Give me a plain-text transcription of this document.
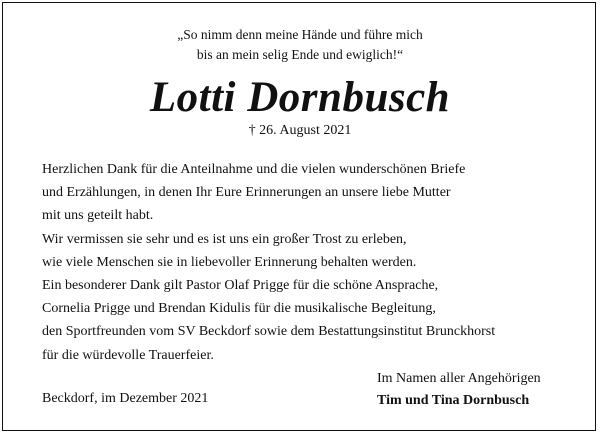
„So nimm denn meine Hände und führe mich
bis an mein selig Ende und ewiglich!“
Lotti Dornbusch
† 26. August 2021
Herzlichen Dank für die Anteilnahme und die vielen wunderschönen Briefe
und Erzählungen, in denen Ihr Eure Erinnerungen an unsere liebe Mutter
mit uns geteilt habt.
Wir vermissen sie sehr und es ist uns ein großer Trost zu erleben,
wie viele Menschen sie in liebevoller Erinnerung behalten werden.
Ein besonderer Dank gilt Pastor Olaf Prigge für die schöne Ansprache,
Cornelia Prigge und Brendan Kidulis für die musikalische Begleitung,
den Sportfreunden vom SV Beckdorf sowie dem Bestattungsinstitut Brunckhorst
für die würdevolle Trauerfeier.
Beckdorf, im Dezember 2021
Im Namen aller Angehörigen
Tim und Tina Dornbusch
